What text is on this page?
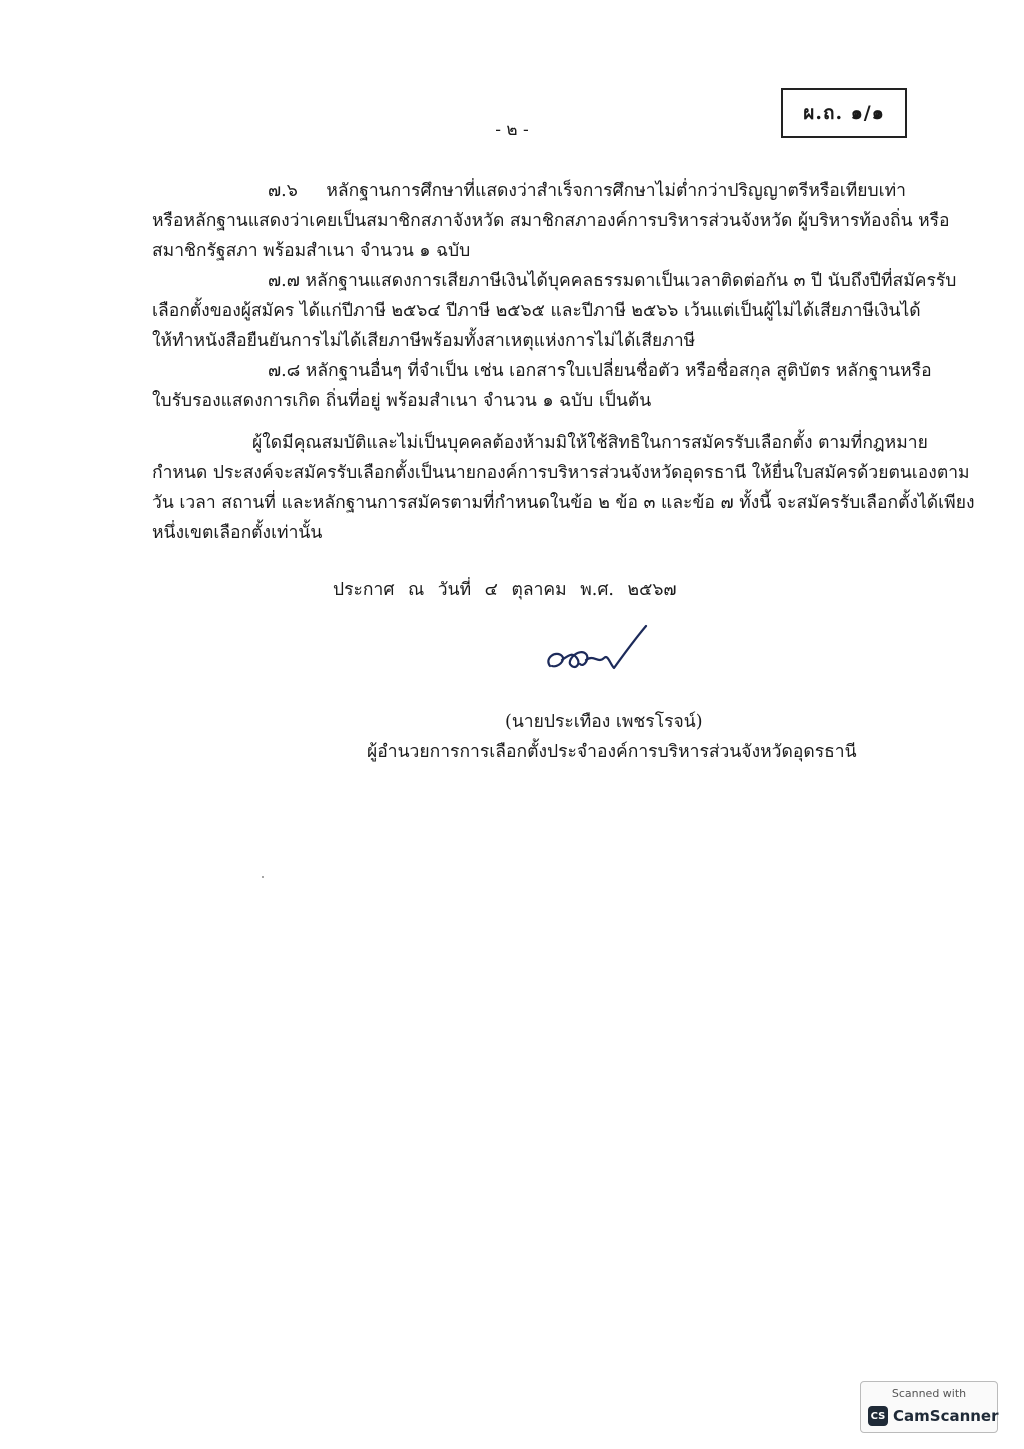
ผ.ถ. ๑/๑
- ๒ -
๗.๖ หลักฐานการศึกษาที่แสดงว่าสำเร็จการศึกษาไม่ต่ำกว่าปริญญาตรีหรือเทียบเท่า
หรือหลักฐานแสดงว่าเคยเป็นสมาชิกสภาจังหวัด สมาชิกสภาองค์การบริหารส่วนจังหวัด ผู้บริหารท้องถิ่น หรือ
สมาชิกรัฐสภา พร้อมสำเนา จำนวน ๑ ฉบับ
๗.๗ หลักฐานแสดงการเสียภาษีเงินได้บุคคลธรรมดาเป็นเวลาติดต่อกัน ๓ ปี นับถึงปีที่สมัครรับ
เลือกตั้งของผู้สมัคร ได้แก่ปีภาษี ๒๕๖๔ ปีภาษี ๒๕๖๕ และปีภาษี ๒๕๖๖ เว้นแต่เป็นผู้ไม่ได้เสียภาษีเงินได้
ให้ทำหนังสือยืนยันการไม่ได้เสียภาษีพร้อมทั้งสาเหตุแห่งการไม่ได้เสียภาษี
๗.๘ หลักฐานอื่นๆ ที่จำเป็น เช่น เอกสารใบเปลี่ยนชื่อตัว หรือชื่อสกุล สูติบัตร หลักฐานหรือ
ใบรับรองแสดงการเกิด ถิ่นที่อยู่ พร้อมสำเนา จำนวน ๑ ฉบับ เป็นต้น
ผู้ใดมีคุณสมบัติและไม่เป็นบุคคลต้องห้ามมิให้ใช้สิทธิในการสมัครรับเลือกตั้ง ตามที่กฎหมาย
กำหนด ประสงค์จะสมัครรับเลือกตั้งเป็นนายกองค์การบริหารส่วนจังหวัดอุดรธานี ให้ยื่นใบสมัครด้วยตนเองตาม
วัน เวลา สถานที่ และหลักฐานการสมัครตามที่กำหนดในข้อ ๒ ข้อ ๓ และข้อ ๗ ทั้งนี้ จะสมัครรับเลือกตั้งได้เพียง
หนึ่งเขตเลือกตั้งเท่านั้น
ประกาศ ณ วันที่ ๔ ตุลาคม พ.ศ. ๒๕๖๗
(นายประเทือง เพชรโรจน์)
ผู้อำนวยการการเลือกตั้งประจำองค์การบริหารส่วนจังหวัดอุดรธานี
Scanned with
CS CamScanner
